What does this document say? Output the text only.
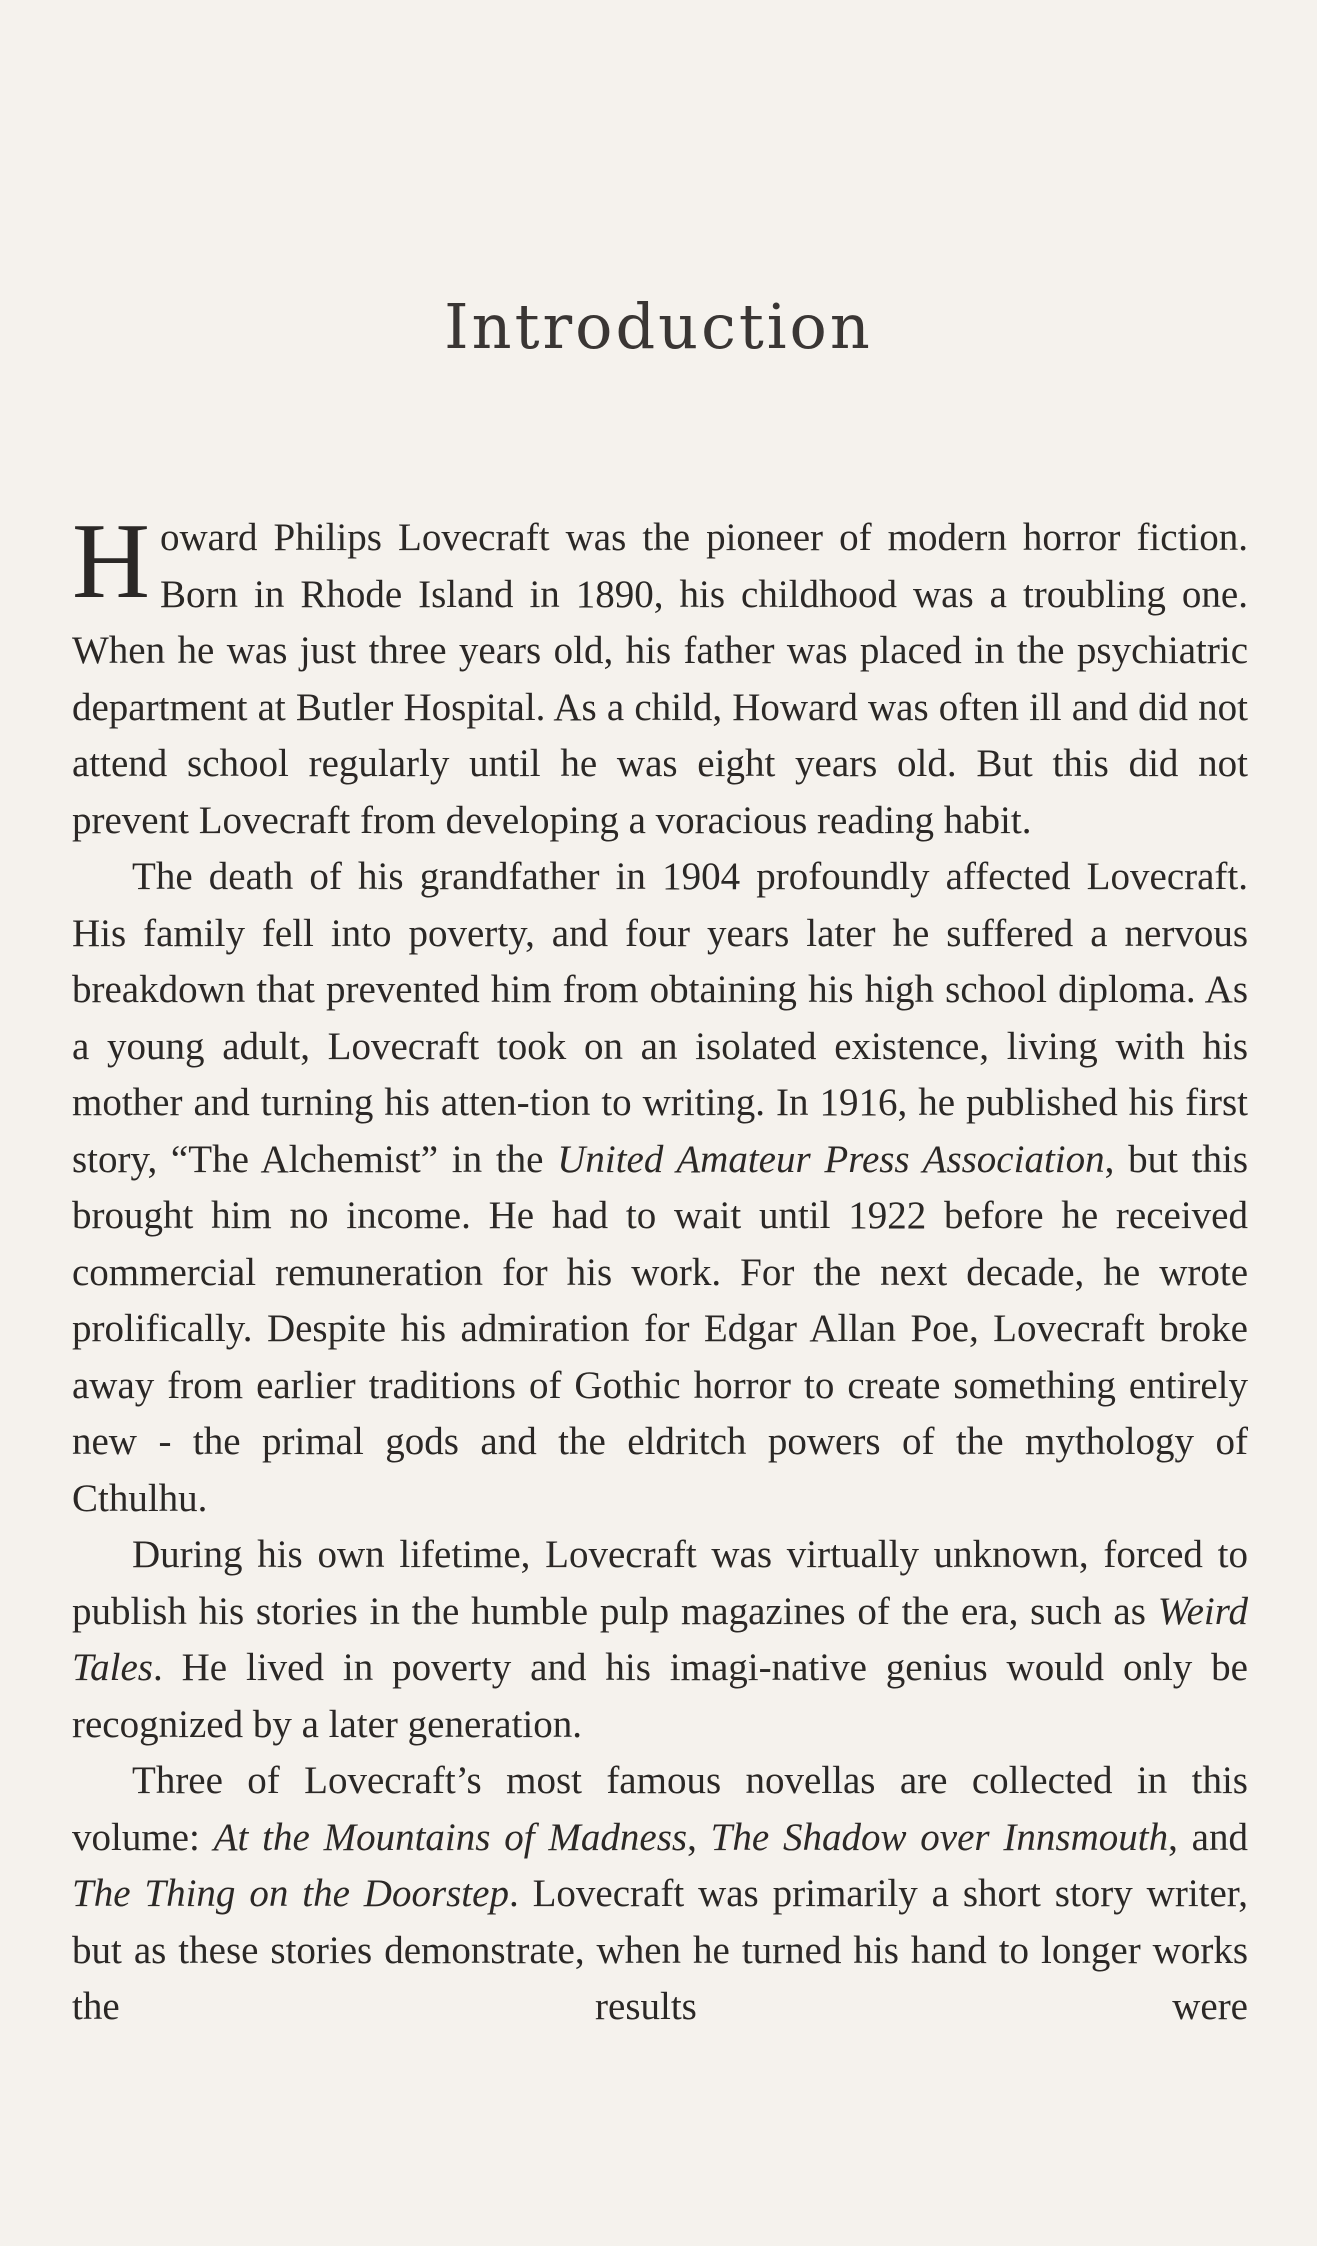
Introduction

Howard Philips Lovecraft was the pioneer of modern horror fiction. Born in Rhode Island in 1890, his childhood was a troubling one. When he was just three years old, his father was placed in the psychiatric department at Butler Hospital. As a child, Howard was often ill and did not attend school regularly until he was eight years old. But this did not prevent Lovecraft from developing a voracious reading habit.

The death of his grandfather in 1904 profoundly affected Lovecraft. His family fell into poverty, and four years later he suffered a nervous breakdown that prevented him from obtaining his high school diploma. As a young adult, Lovecraft took on an isolated existence, living with his mother and turning his atten-tion to writing. In 1916, he published his first story, “The Alchemist” in the United Amateur Press Association, but this brought him no income. He had to wait until 1922 before he received commercial remuneration for his work. For the next decade, he wrote prolifically. Despite his admiration for Edgar Allan Poe, Lovecraft broke away from earlier traditions of Gothic horror to create something entirely new - the primal gods and the eldritch powers of the mythology of Cthulhu.

During his own lifetime, Lovecraft was virtually unknown, forced to publish his stories in the humble pulp magazines of the era, such as Weird Tales. He lived in poverty and his imagi-native genius would only be recognized by a later generation.

Three of Lovecraft’s most famous novellas are collected in this volume: At the Mountains of Madness, The Shadow over Innsmouth, and The Thing on the Doorstep. Lovecraft was primarily a short story writer, but as these stories demonstrate, when he turned his hand to longer works the results were
